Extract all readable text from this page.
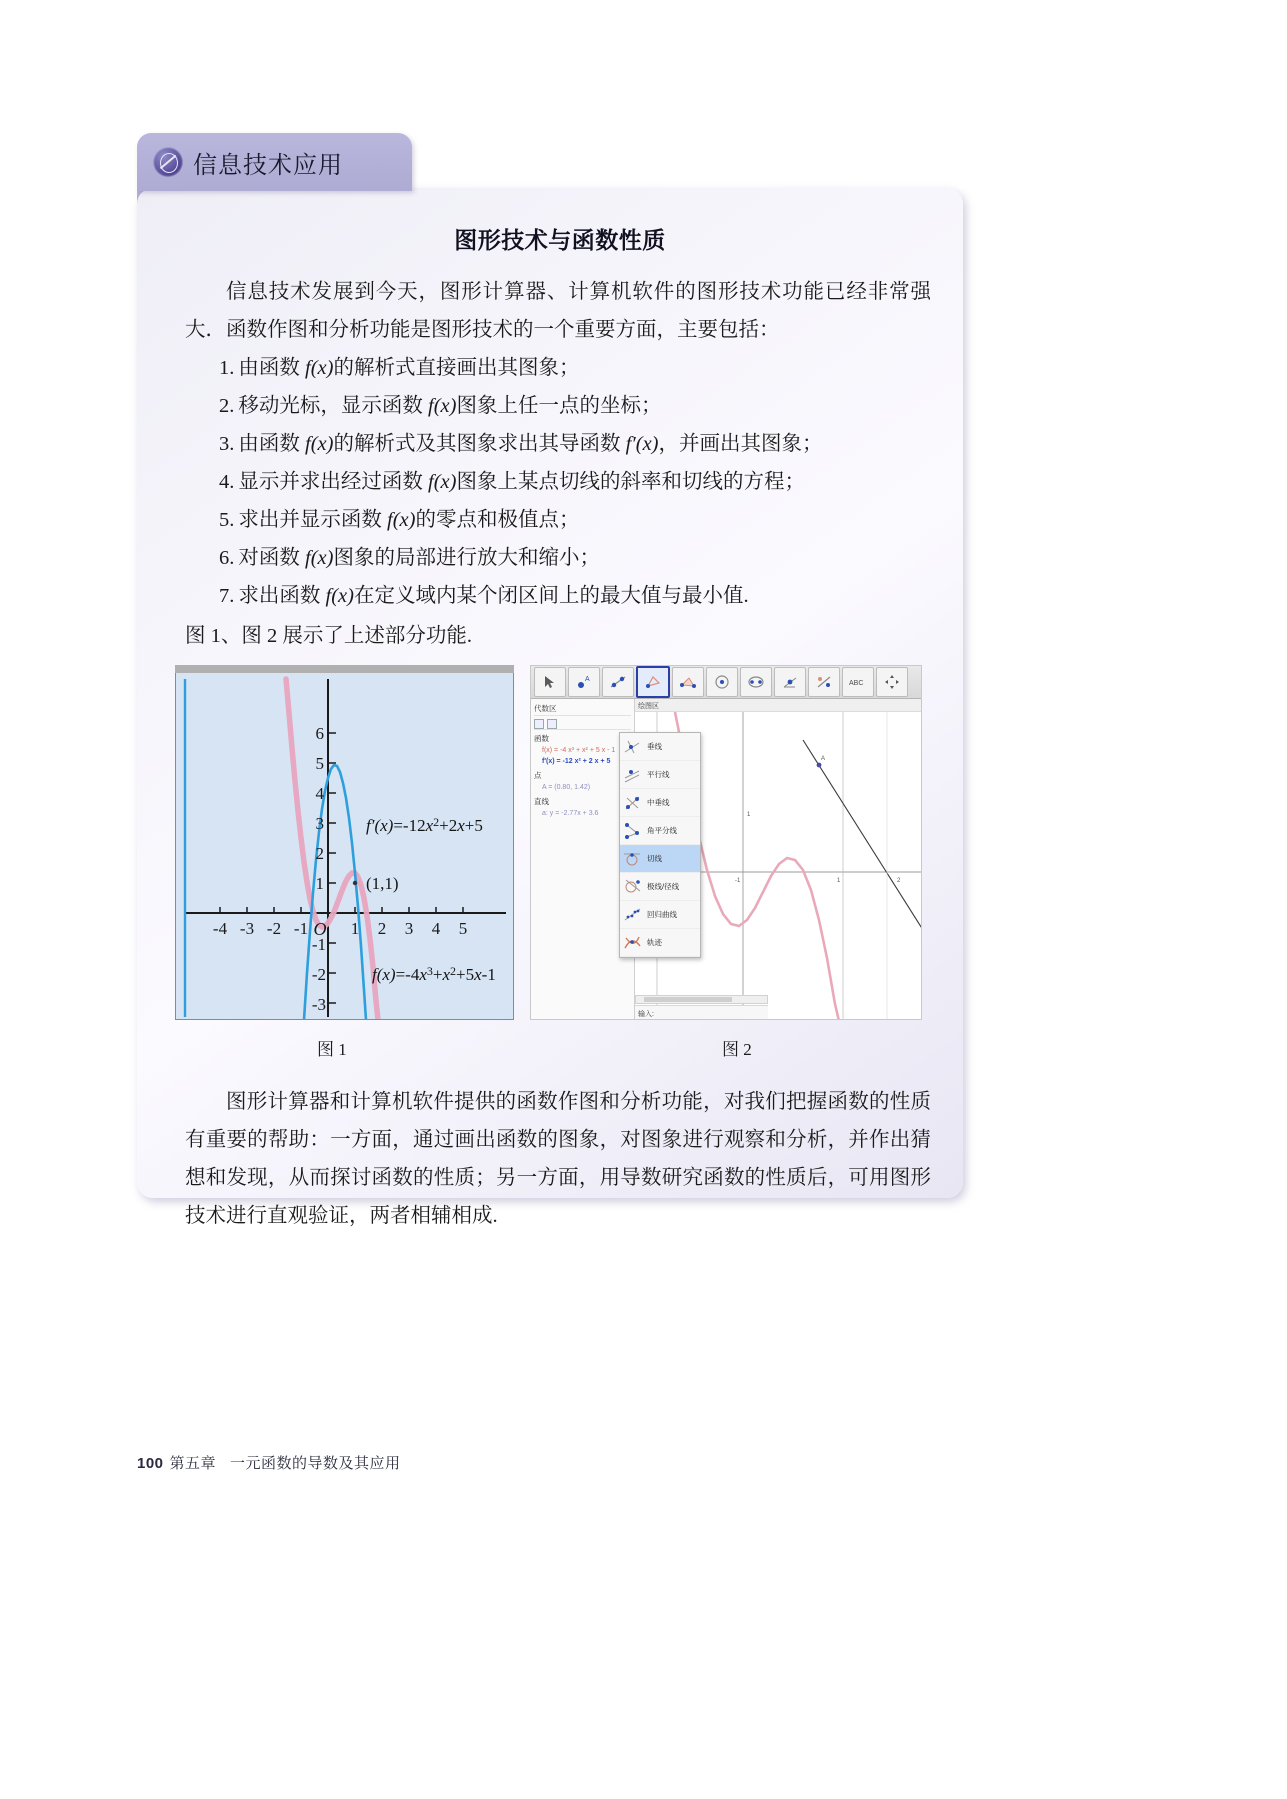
信息技术应用
图形技术与函数性质
信息技术发展到今天，图形计算器、计算机软件的图形技术功能已经非常强大．函数作图和分析功能是图形技术的一个重要方面，主要包括：
1. 由函数 f(x)的解析式直接画出其图象；
2. 移动光标，显示函数 f(x)图象上任一点的坐标；
3. 由函数 f(x)的解析式及其图象求出其导函数 f′(x)，并画出其图象；
4. 显示并求出经过函数 f(x)图象上某点切线的斜率和切线的方程；
5. 求出并显示函数 f(x)的零点和极值点；
6. 对函数 f(x)图象的局部进行放大和缩小；
7. 求出函数 f(x)在定义域内某个闭区间上的最大值与最小值.
图 1、图 2 展示了上述部分功能.
6
5
4
3
2
1
-1
-2
-3
-4 -3 -2 -1	1 2 3 4 5
O
$f'(x)=-12x^2+2x+5$
(1,1)
$f(x)=-4x^3+x^2+5x-1$
A
ABC
代数区
函数
f(x) = -4 x³ + x² + 5 x - 1
f'(x) = -12 x² + 2 x + 5
点
A = (0.80, 1.42)
直线
a: y = -2.77x + 3.6
绘图区
A
-1	1	2
1
输入:
垂线
平行线
中垂线
角平分线
切线
极线/径线
回归曲线
轨迹
图 1	图 2
图形计算器和计算机软件提供的函数作图和分析功能，对我们把握函数的性质有重要的帮助：一方面，通过画出函数的图象，对图象进行观察和分析，并作出猜想和发现，从而探讨函数的性质；另一方面，用导数研究函数的性质后，可用图形技术进行直观验证，两者相辅相成.
100 第五章 一元函数的导数及其应用
